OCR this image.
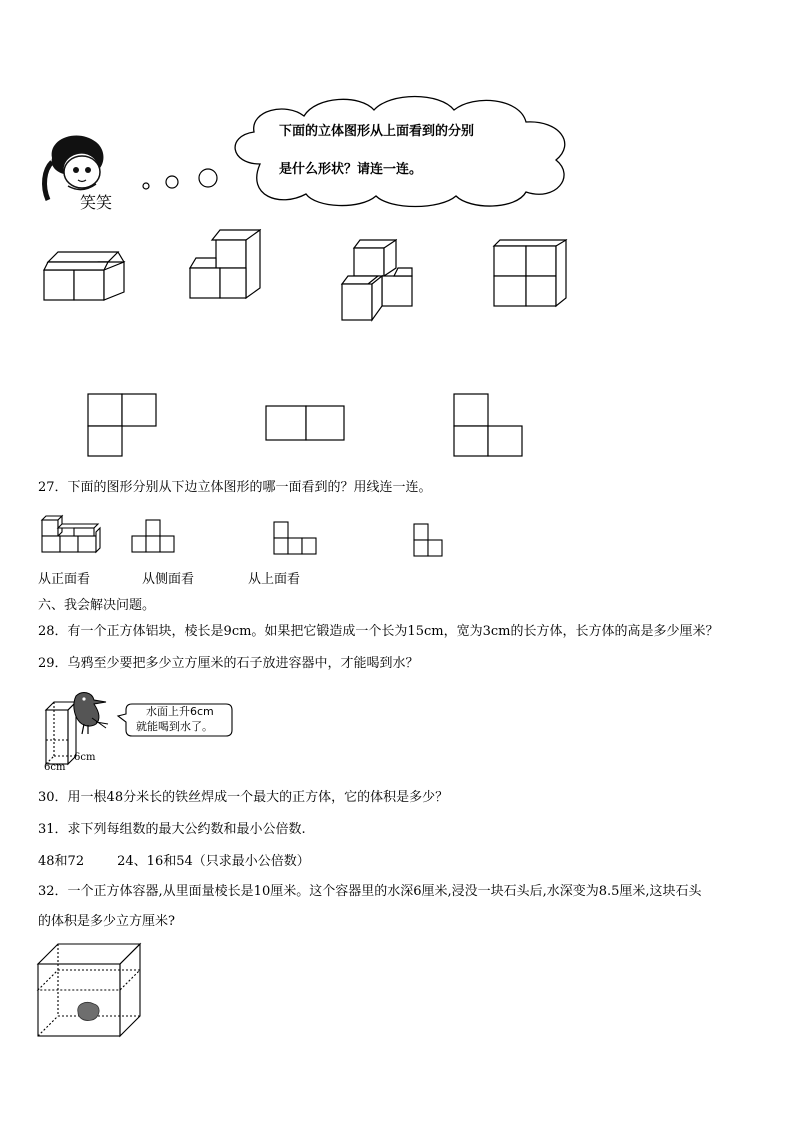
笑笑
下面的立体图形从上面看到的分别
是什么形状？请连一连。
27．下面的图形分别从下边立体图形的哪一面看到的？用线连一连。
从正面看	从侧面看	从上面看
六、我会解决问题。
28．有一个正方体铝块，棱长是9cm。如果把它锻造成一个长为15cm，宽为3cm的长方体，长方体的高是多少厘米？
29．乌鸦至少要把多少立方厘米的石子放进容器中，才能喝到水？
6cm
6cm
水面上升6cm
就能喝到水了。
30．用一根48分米长的铁丝焊成一个最大的正方体，它的体积是多少？
31．求下列每组数的最大公约数和最小公倍数.
48和72        24、16和54（只求最小公倍数）
32．一个正方体容器,从里面量棱长是10厘米。这个容器里的水深6厘米,浸没一块石头后,水深变为8.5厘米,这块石头
的体积是多少立方厘米?
